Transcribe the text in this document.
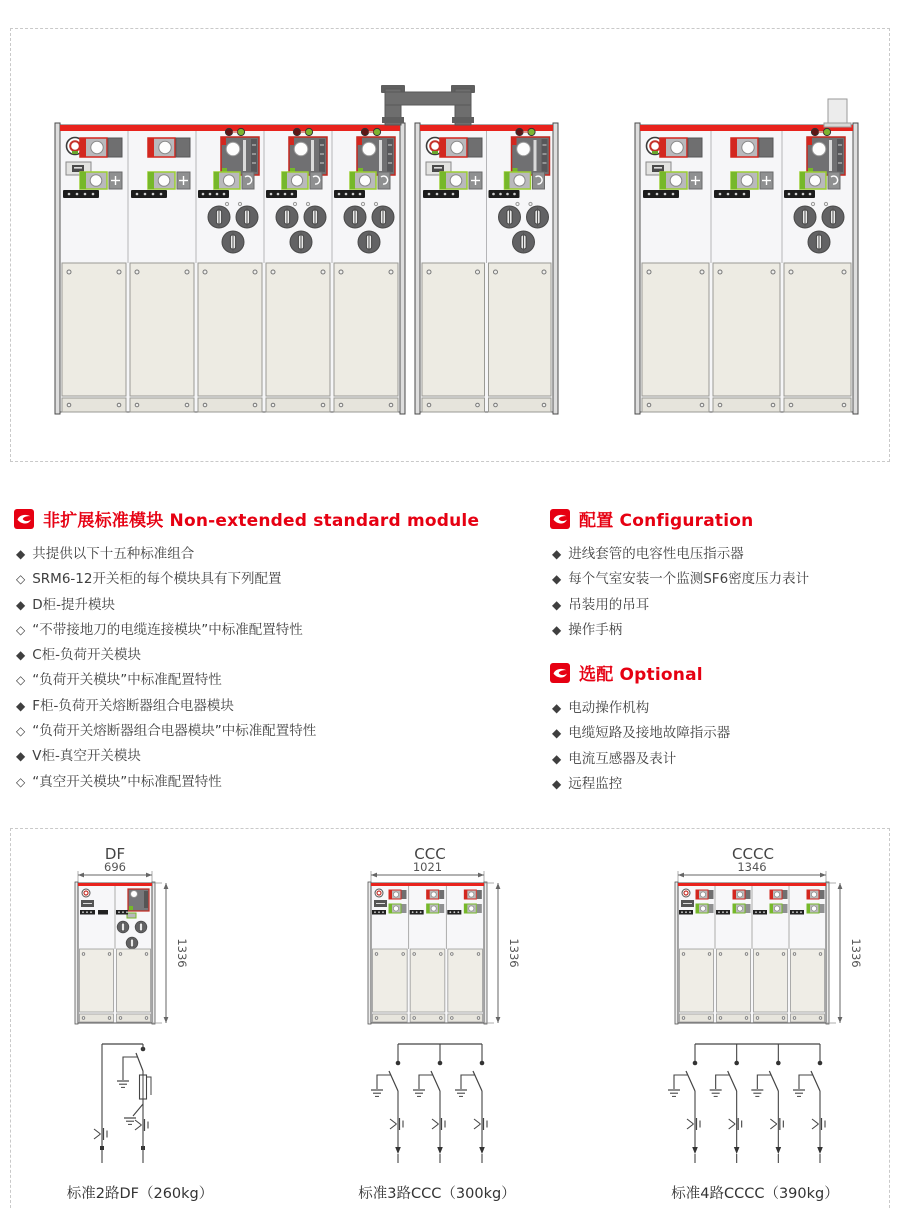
非扩展标准模块 Non-extended standard module
◆ 共提供以下十五种标准组合
◇ SRM6-12开关柜的每个模块具有下列配置
◆ D柜-提升模块
◇ “不带接地刀的电缆连接模块”中标准配置特性
◆ C柜-负荷开关模块
◇ “负荷开关模块”中标准配置特性
◆ F柜-负荷开关熔断器组合电器模块
◇ “负荷开关熔断器组合电器模块”中标准配置特性
◆ V柜-真空开关模块
◇ “真空开关模块”中标准配置特性
配置 Configuration
◆ 进线套管的电容性电压指示器
◆ 每个气室安装一个监测SF6密度压力表计
◆ 吊装用的吊耳
◆ 操作手柄
选配 Optional
◆ 电动操作机构
◆ 电缆短路及接地故障指示器
◆ 电流互感器及表计
◆ 远程监控
DF
696
1336
标准2路DF（260kg）
CCC
1021
1336
标准3路CCC（300kg）
CCCC
1346
1336
标准4路CCCC（390kg）
